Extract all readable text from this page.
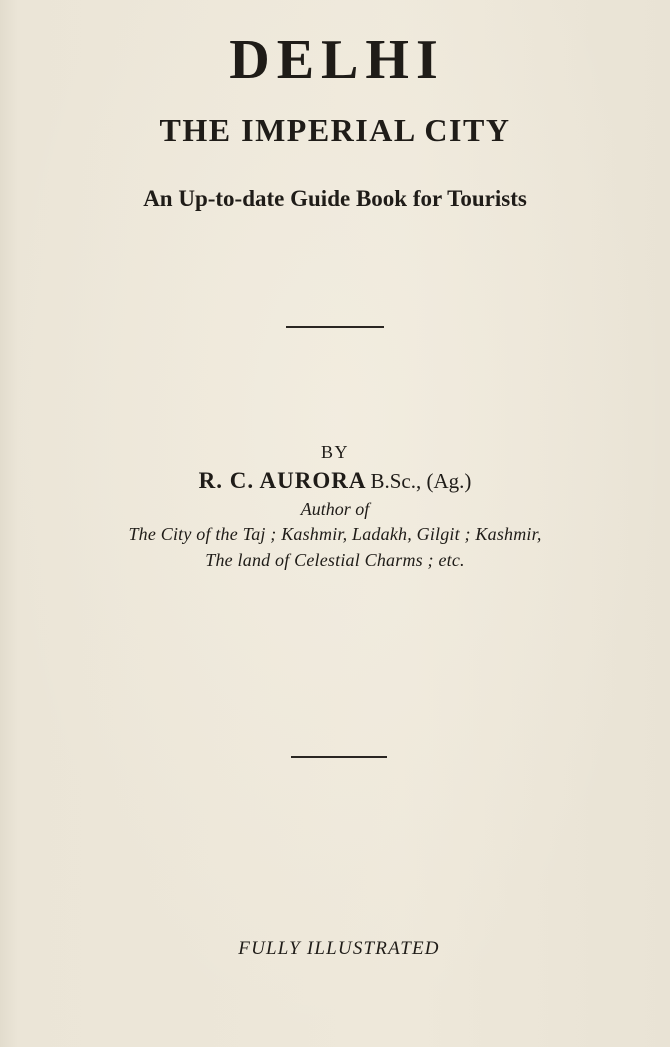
DELHI
THE IMPERIAL CITY
An Up-to-date Guide Book for Tourists
BY
R. C. AURORA B.Sc., (Ag.)
Author of
The City of the Taj ; Kashmir, Ladakh, Gilgit ; Kashmir,
The land of Celestial Charms ; etc.
FULLY ILLUSTRATED
